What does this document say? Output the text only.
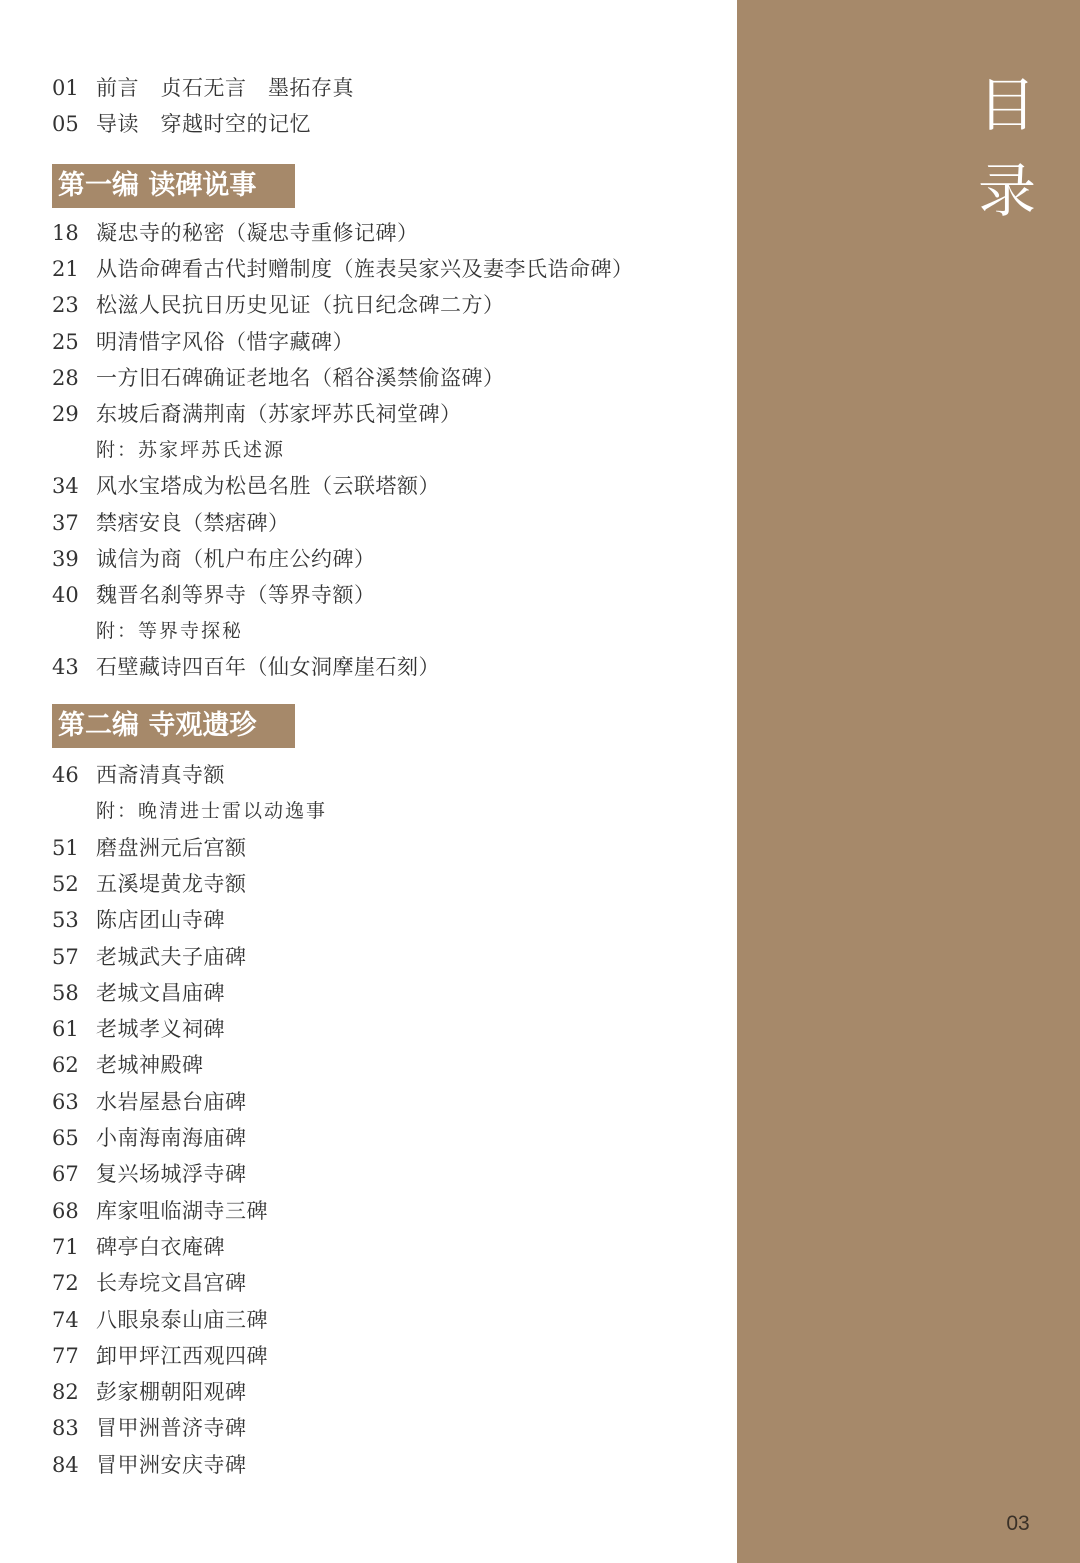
目
录
03
01 前言　贞石无言　墨拓存真
05 导读　穿越时空的记忆
第一编 读碑说事
18 凝忠寺的秘密（凝忠寺重修记碑）
21 从诰命碑看古代封赠制度（旌表吴家兴及妻李氏诰命碑）
23 松滋人民抗日历史见证（抗日纪念碑二方）
25 明清惜字风俗（惜字藏碑）
28 一方旧石碑确证老地名（稻谷溪禁偷盗碑）
29 东坡后裔满荆南（苏家坪苏氏祠堂碑）
附：苏家坪苏氏述源
34 风水宝塔成为松邑名胜（云联塔额）
37 禁痞安良（禁痞碑）
39 诚信为商（机户布庄公约碑）
40 魏晋名刹等界寺（等界寺额）
附：等界寺探秘
43 石壁藏诗四百年（仙女洞摩崖石刻）
第二编 寺观遗珍
46 西斋清真寺额
附：晚清进士雷以动逸事
51 磨盘洲元后宫额
52 五溪堤黄龙寺额
53 陈店团山寺碑
57 老城武夫子庙碑
58 老城文昌庙碑
61 老城孝义祠碑
62 老城神殿碑
63 水岩屋悬台庙碑
65 小南海南海庙碑
67 复兴场城浮寺碑
68 库家咀临湖寺三碑
71 碑亭白衣庵碑
72 长寿垸文昌宫碑
74 八眼泉泰山庙三碑
77 卸甲坪江西观四碑
82 彭家棚朝阳观碑
83 冒甲洲普济寺碑
84 冒甲洲安庆寺碑
